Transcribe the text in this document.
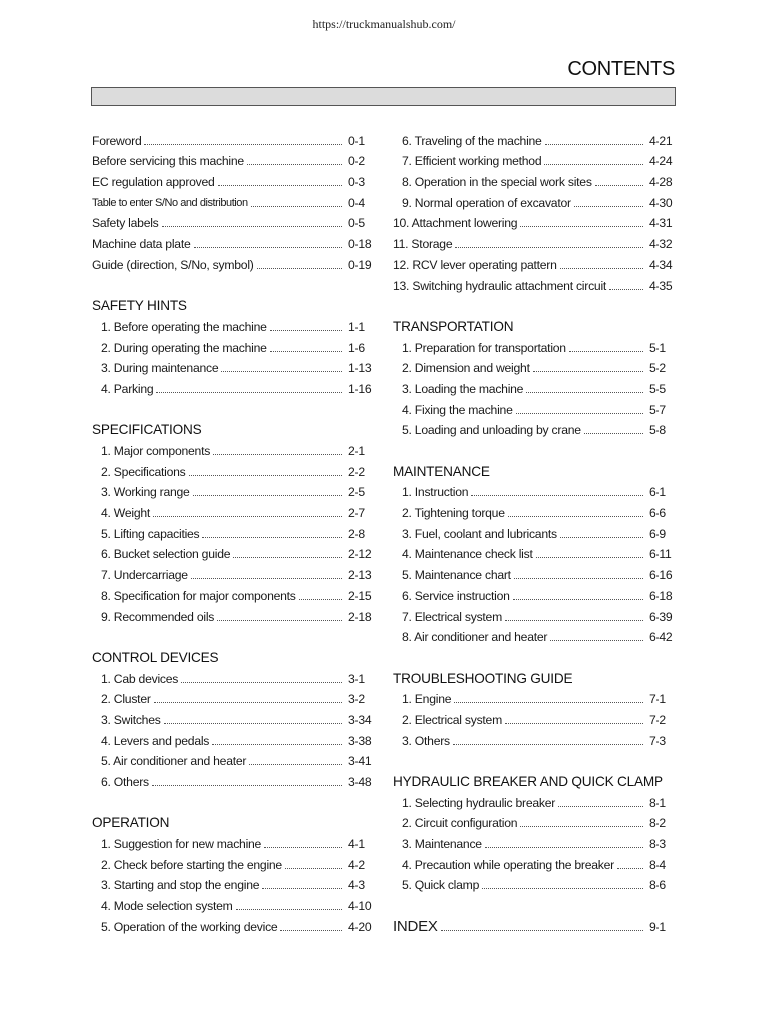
https://truckmanualshub.com/
CONTENTS
Foreword	0-1
Before servicing this machine	0-2
EC regulation approved	0-3
Table to enter S/No and distribution	0-4
Safety labels	0-5
Machine data plate	0-18
Guide (direction, S/No, symbol)	0-19
SAFETY HINTS
1. Before operating the machine	1-1
2. During operating the machine	1-6
3. During maintenance	1-13
4. Parking	1-16
SPECIFICATIONS
1. Major components	2-1
2. Specifications	2-2
3. Working range	2-5
4. Weight	2-7
5. Lifting capacities	2-8
6. Bucket selection guide	2-12
7. Undercarriage	2-13
8. Specification for major components	2-15
9. Recommended oils	2-18
CONTROL DEVICES
1. Cab devices	3-1
2. Cluster	3-2
3. Switches	3-34
4. Levers and pedals	3-38
5. Air conditioner and heater	3-41
6. Others	3-48
OPERATION
1. Suggestion for new machine	4-1
2. Check before starting the engine	4-2
3. Starting and stop the engine	4-3
4. Mode selection system	4-10
5. Operation of the working device	4-20
6. Traveling of the machine	4-21
7. Efficient working method	4-24
8. Operation in the special work sites	4-28
9. Normal operation of excavator	4-30
10. Attachment lowering	4-31
11. Storage	4-32
12. RCV lever operating pattern	4-34
13. Switching hydraulic attachment circuit	4-35
TRANSPORTATION
1. Preparation for transportation	5-1
2. Dimension and weight	5-2
3. Loading the machine	5-5
4. Fixing the machine	5-7
5. Loading and unloading by crane	5-8
MAINTENANCE
1. Instruction	6-1
2. Tightening torque	6-6
3. Fuel, coolant and lubricants	6-9
4. Maintenance check list	6-11
5. Maintenance chart	6-16
6. Service instruction	6-18
7. Electrical system	6-39
8. Air conditioner and heater	6-42
TROUBLESHOOTING GUIDE
1. Engine	7-1
2. Electrical system	7-2
3. Others	7-3
HYDRAULIC BREAKER AND QUICK CLAMP
1. Selecting hydraulic breaker	8-1
2. Circuit configuration	8-2
3. Maintenance	8-3
4. Precaution while operating the breaker	8-4
5. Quick clamp	8-6
INDEX	9-1
